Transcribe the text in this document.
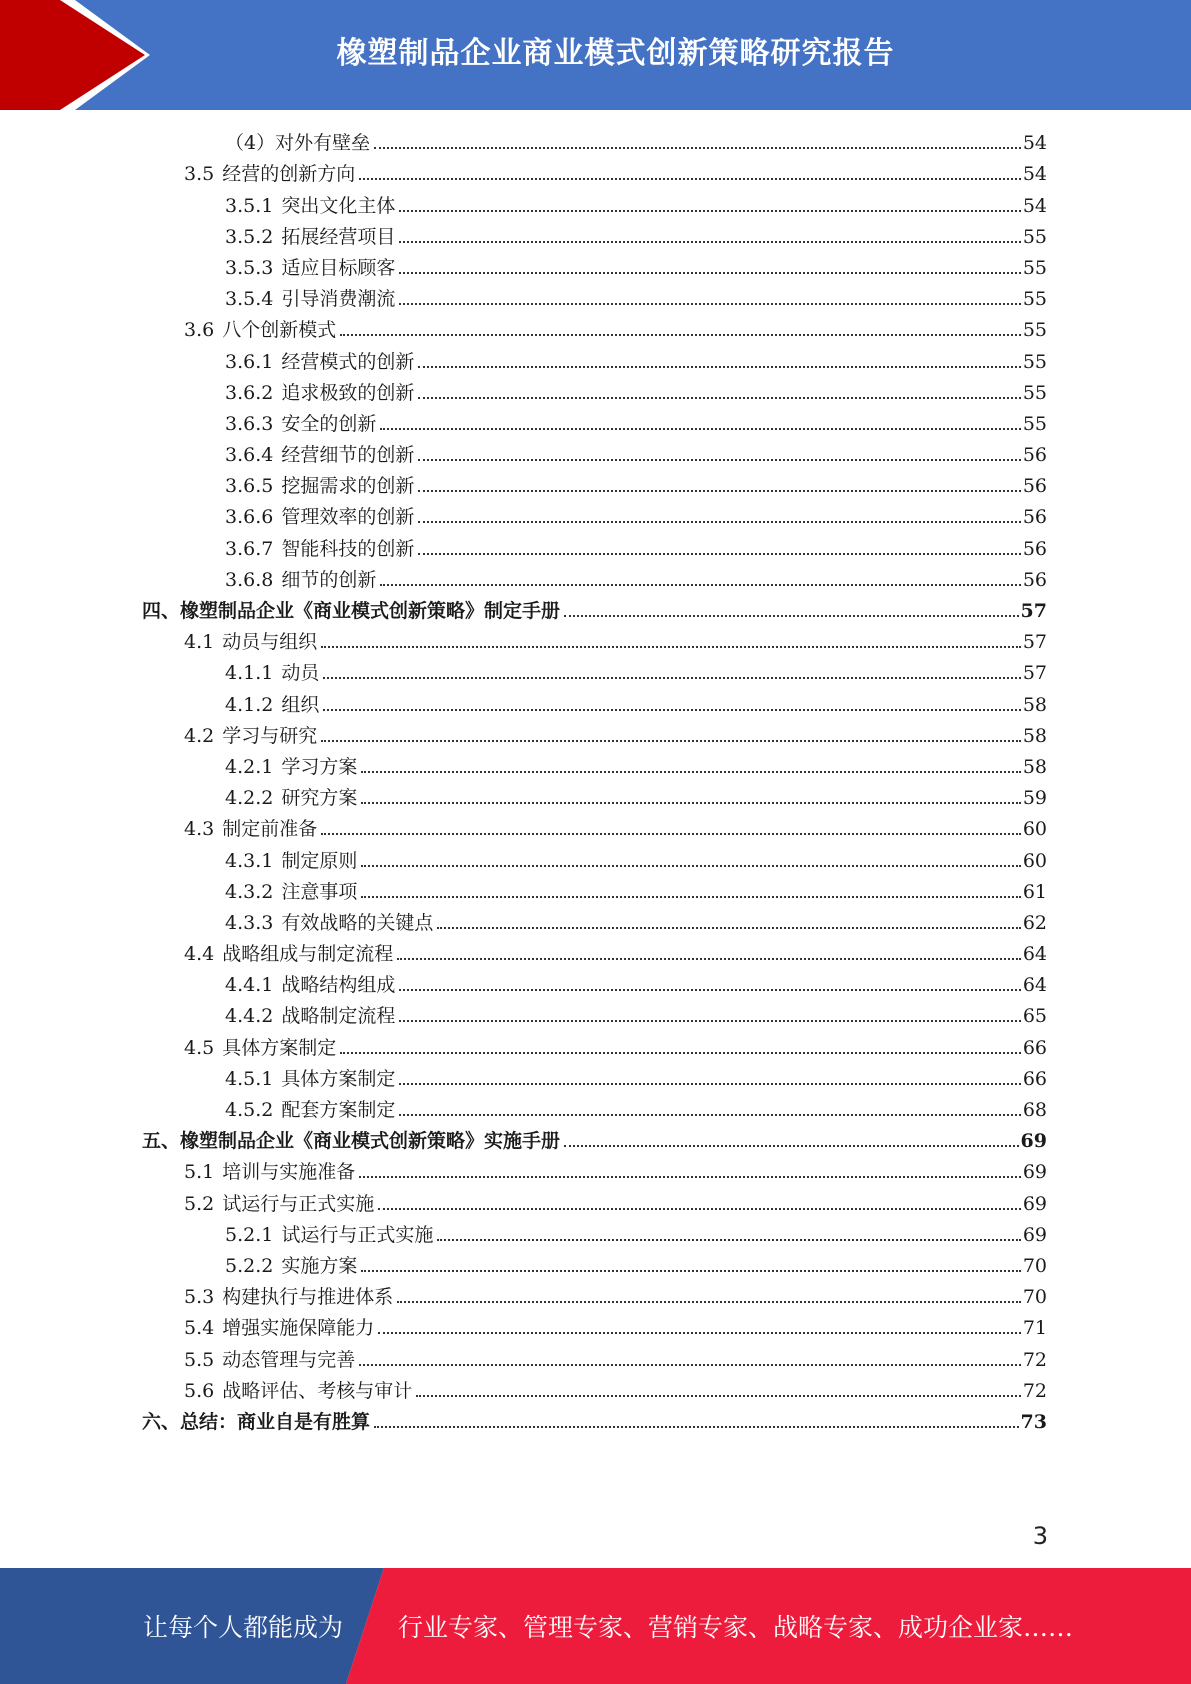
橡塑制品企业商业模式创新策略研究报告
（4）对外有壁垒	54
3.5 经营的创新方向	54
3.5.1 突出文化主体	54
3.5.2 拓展经营项目	55
3.5.3 适应目标顾客	55
3.5.4 引导消费潮流	55
3.6 八个创新模式	55
3.6.1 经营模式的创新	55
3.6.2 追求极致的创新	55
3.6.3 安全的创新	55
3.6.4 经营细节的创新	56
3.6.5 挖掘需求的创新	56
3.6.6 管理效率的创新	56
3.6.7 智能科技的创新	56
3.6.8 细节的创新	56
四、橡塑制品企业《商业模式创新策略》制定手册	57
4.1 动员与组织	57
4.1.1 动员	57
4.1.2 组织	58
4.2 学习与研究	58
4.2.1 学习方案	58
4.2.2 研究方案	59
4.3 制定前准备	60
4.3.1 制定原则	60
4.3.2 注意事项	61
4.3.3 有效战略的关键点	62
4.4 战略组成与制定流程	64
4.4.1 战略结构组成	64
4.4.2 战略制定流程	65
4.5 具体方案制定	66
4.5.1 具体方案制定	66
4.5.2 配套方案制定	68
五、橡塑制品企业《商业模式创新策略》实施手册	69
5.1 培训与实施准备	69
5.2 试运行与正式实施	69
5.2.1 试运行与正式实施	69
5.2.2 实施方案	70
5.3 构建执行与推进体系	70
5.4 增强实施保障能力	71
5.5 动态管理与完善	72
5.6 战略评估、考核与审计	72
六、总结：商业自是有胜算	73
3
让每个人都能成为 行业专家、管理专家、营销专家、战略专家、成功企业家……
